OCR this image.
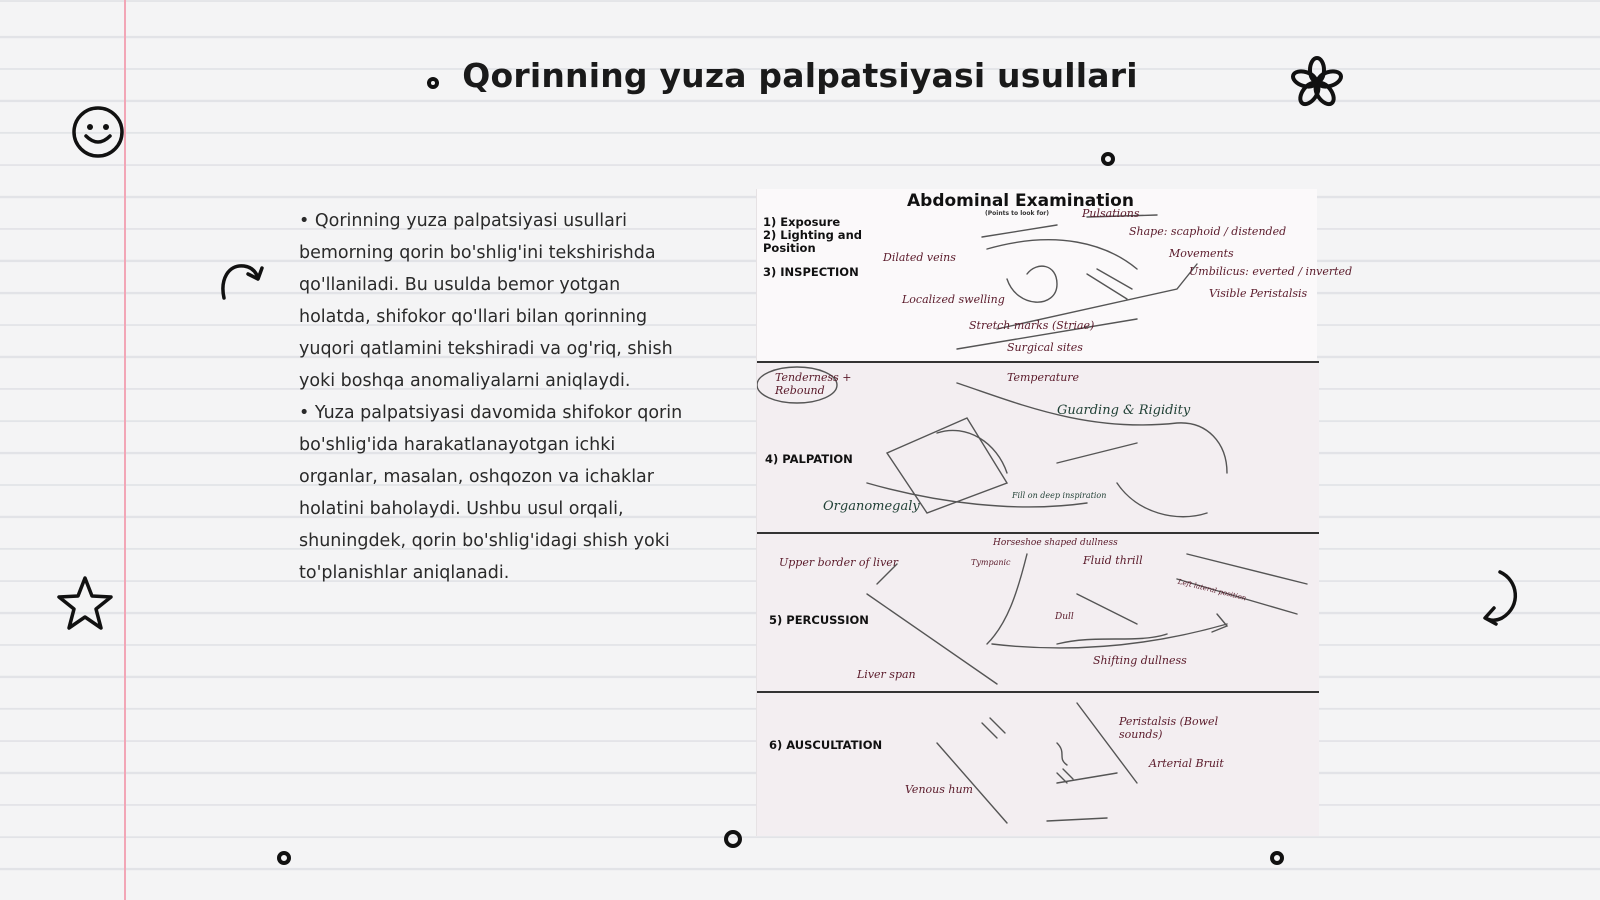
Qorinning yuza palpatsiyasi usullari

• Qorinning yuza palpatsiyasi usullari bemorning qorin bo'shlig'ini tekshirishda qo'llaniladi. Bu usulda bemor yotgan holatda, shifokor qo'llari bilan qorinning yuqori qatlamini tekshiradi va og'riq, shish yoki boshqa anomaliyalarni aniqlaydi.

• Yuza palpatsiyasi davomida shifokor qorin bo'shlig'ida harakatlanayotgan ichki organlar, masalan, oshqozon va ichaklar holatini baholaydi. Ushbu usul orqali, shuningdek, qorin bo'shlig'idagi shish yoki to'planishlar aniqlanadi.

Abdominal Examination
(Points to look for)
1) Exposure
2) Lighting and Position
3) INSPECTION
Pulsations
Shape: scaphoid / distended
Movements
Umbilicus: everted / inverted
Visible Peristalsis
Dilated veins
Localized swelling
Stretch marks (Striae)
Surgical sites
4) PALPATION
Tenderness + Rebound
Temperature
Guarding & Rigidity
Organomegaly
Fill on deep inspiration
5) PERCUSSION
Upper border of liver
Horseshoe shaped dullness
Fluid thrill
Tympanic
Dull
Shifting dullness
Liver span
Left lateral position
6) AUSCULTATION
Peristalsis (Bowel sounds)
Arterial Bruit
Venous hum
